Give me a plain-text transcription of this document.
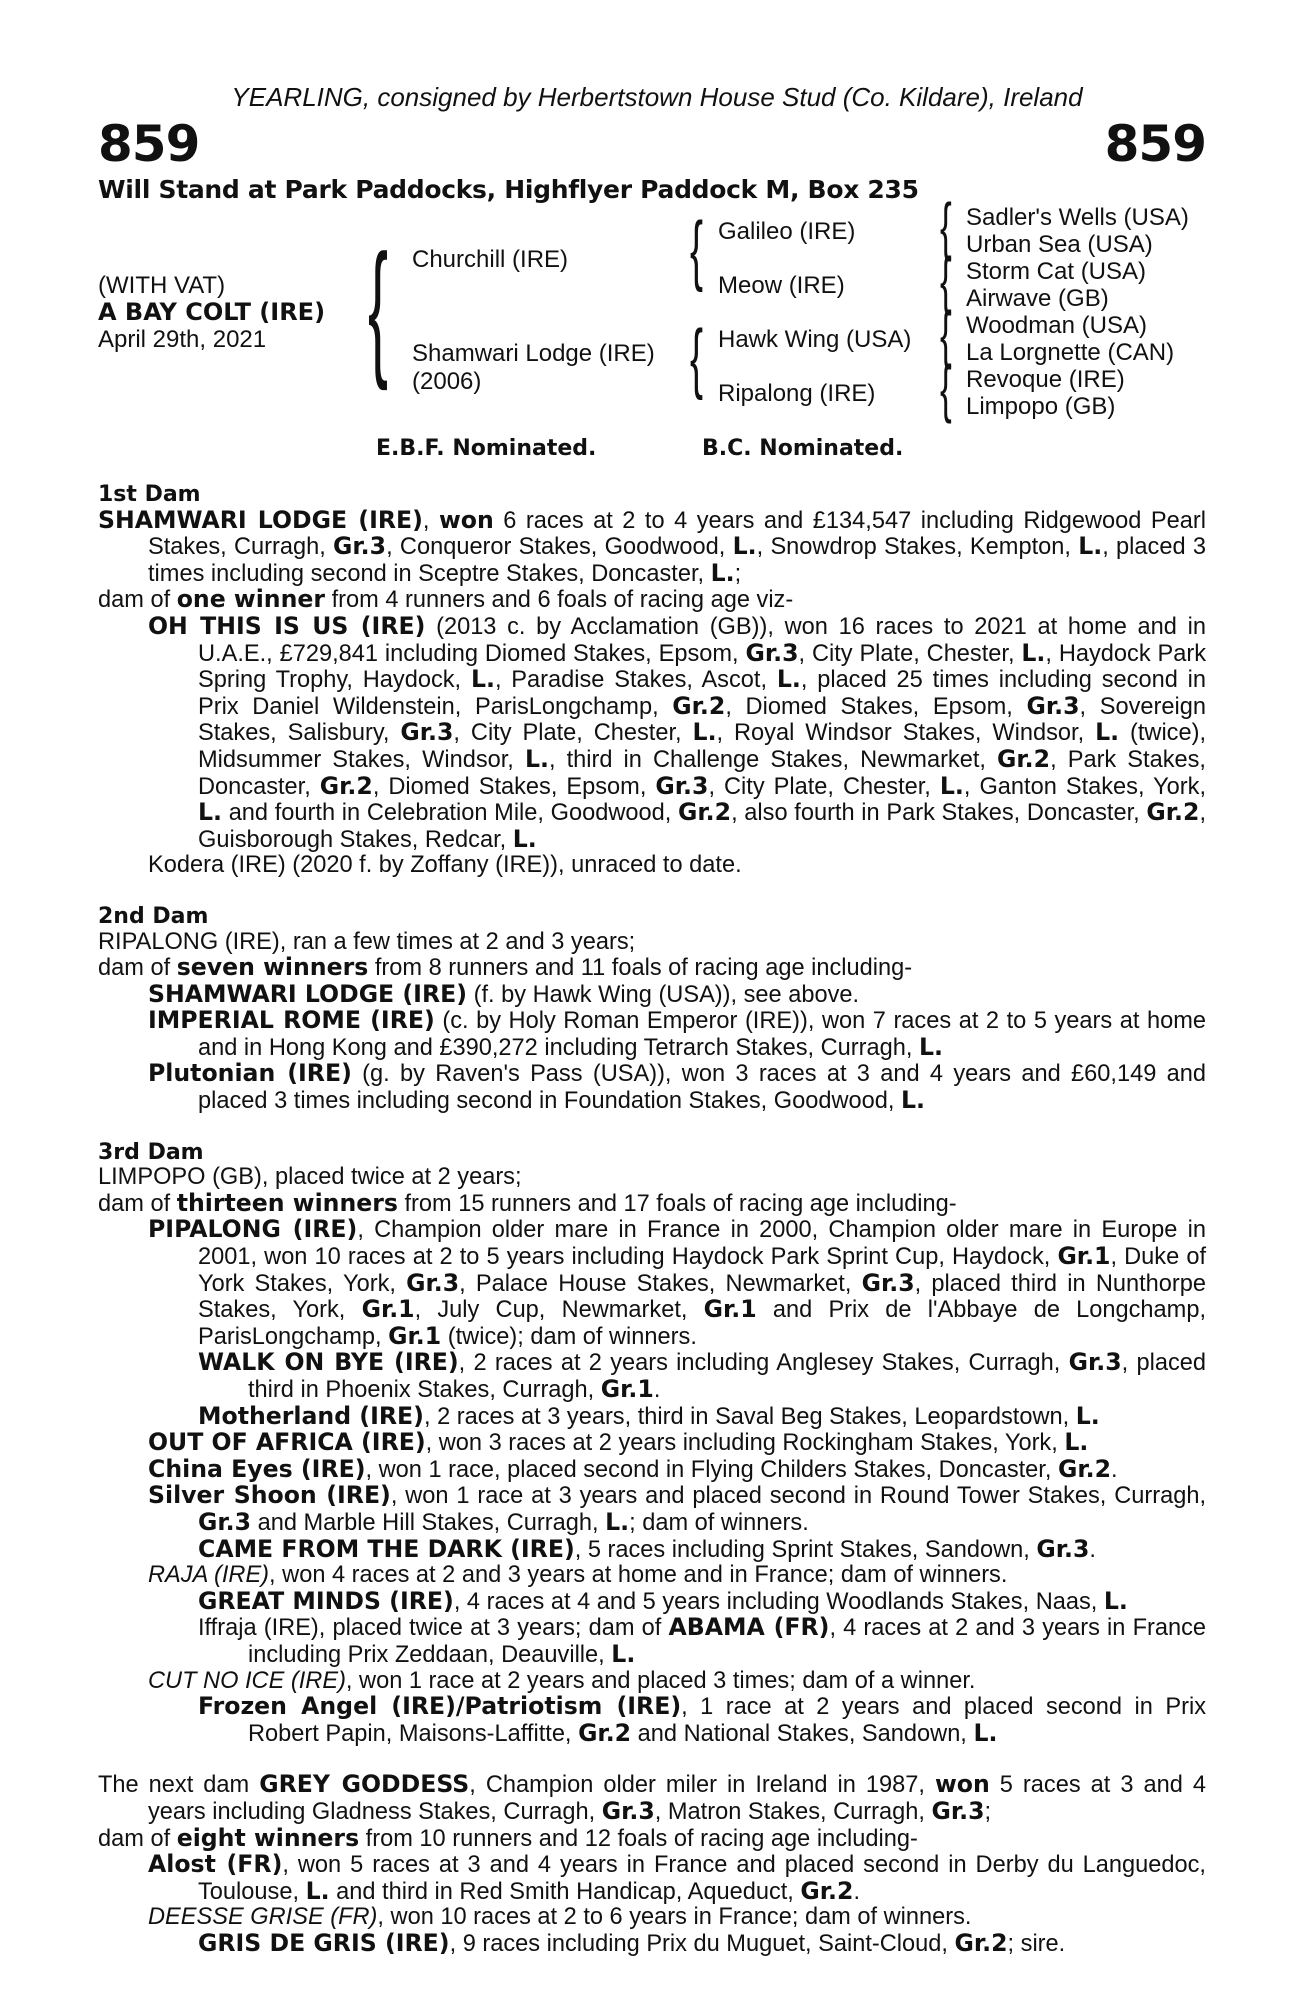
YEARLING, consigned by Herbertstown House Stud (Co. Kildare), Ireland
859	859
Will Stand at Park Paddocks, Highflyer Paddock M, Box 235
(WITH VAT)
A BAY COLT (IRE)
April 29th, 2021 {	{
{
{
{
{
{
Churchill (IRE)
Shamwari Lodge (IRE)
(2006)
Galileo (IRE)
Meow (IRE)
Hawk Wing (USA)
Ripalong (IRE)
Sadler's Wells (USA)
Urban Sea (USA)
Storm Cat (USA)
Airwave (GB)
Woodman (USA)
La Lorgnette (CAN)
Revoque (IRE)
Limpopo (GB)
E.B.F. Nominated.	B.C. Nominated.
1st Dam
SHAMWARI LODGE (IRE), won 6 races at 2 to 4 years and £134,547 including Ridgewood Pearl Stakes, Curragh, Gr.3, Conqueror Stakes, Goodwood, L., Snowdrop Stakes, Kempton, L., placed 3 times including second in Sceptre Stakes, Doncaster, L.;
dam of one winner from 4 runners and 6 foals of racing age viz-
OH THIS IS US (IRE) (2013 c. by Acclamation (GB)), won 16 races to 2021 at home and in U.A.E., £729,841 including Diomed Stakes, Epsom, Gr.3, City Plate, Chester, L., Haydock Park Spring Trophy, Haydock, L., Paradise Stakes, Ascot, L., placed 25 times including second in Prix Daniel Wildenstein, ParisLongchamp, Gr.2, Diomed Stakes, Epsom, Gr.3, Sovereign Stakes, Salisbury, Gr.3, City Plate, Chester, L., Royal Windsor Stakes, Windsor, L. (twice), Midsummer Stakes, Windsor, L., third in Challenge Stakes, Newmarket, Gr.2, Park Stakes, Doncaster, Gr.2, Diomed Stakes, Epsom, Gr.3, City Plate, Chester, L., Ganton Stakes, York, L. and fourth in Celebration Mile, Goodwood, Gr.2, also fourth in Park Stakes, Doncaster, Gr.2, Guisborough Stakes, Redcar, L.
Kodera (IRE) (2020 f. by Zoffany (IRE)), unraced to date.
2nd Dam
RIPALONG (IRE), ran a few times at 2 and 3 years;
dam of seven winners from 8 runners and 11 foals of racing age including-
SHAMWARI LODGE (IRE) (f. by Hawk Wing (USA)), see above.
IMPERIAL ROME (IRE) (c. by Holy Roman Emperor (IRE)), won 7 races at 2 to 5 years at home and in Hong Kong and £390,272 including Tetrarch Stakes, Curragh, L.
Plutonian (IRE) (g. by Raven's Pass (USA)), won 3 races at 3 and 4 years and £60,149 and placed 3 times including second in Foundation Stakes, Goodwood, L.
3rd Dam
LIMPOPO (GB), placed twice at 2 years;
dam of thirteen winners from 15 runners and 17 foals of racing age including-
PIPALONG (IRE), Champion older mare in France in 2000, Champion older mare in Europe in 2001, won 10 races at 2 to 5 years including Haydock Park Sprint Cup, Haydock, Gr.1, Duke of York Stakes, York, Gr.3, Palace House Stakes, Newmarket, Gr.3, placed third in Nunthorpe Stakes, York, Gr.1, July Cup, Newmarket, Gr.1 and Prix de l'Abbaye de Longchamp, ParisLongchamp, Gr.1 (twice); dam of winners.
WALK ON BYE (IRE), 2 races at 2 years including Anglesey Stakes, Curragh, Gr.3, placed third in Phoenix Stakes, Curragh, Gr.1.
Motherland (IRE), 2 races at 3 years, third in Saval Beg Stakes, Leopardstown, L.
OUT OF AFRICA (IRE), won 3 races at 2 years including Rockingham Stakes, York, L.
China Eyes (IRE), won 1 race, placed second in Flying Childers Stakes, Doncaster, Gr.2.
Silver Shoon (IRE), won 1 race at 3 years and placed second in Round Tower Stakes, Curragh, Gr.3 and Marble Hill Stakes, Curragh, L.; dam of winners.
CAME FROM THE DARK (IRE), 5 races including Sprint Stakes, Sandown, Gr.3.
RAJA (IRE), won 4 races at 2 and 3 years at home and in France; dam of winners.
GREAT MINDS (IRE), 4 races at 4 and 5 years including Woodlands Stakes, Naas, L.
Iffraja (IRE), placed twice at 3 years; dam of ABAMA (FR), 4 races at 2 and 3 years in France including Prix Zeddaan, Deauville, L.
CUT NO ICE (IRE), won 1 race at 2 years and placed 3 times; dam of a winner.
Frozen Angel (IRE)/Patriotism (IRE), 1 race at 2 years and placed second in Prix Robert Papin, Maisons-Laffitte, Gr.2 and National Stakes, Sandown, L.
The next dam GREY GODDESS, Champion older miler in Ireland in 1987, won 5 races at 3 and 4 years including Gladness Stakes, Curragh, Gr.3, Matron Stakes, Curragh, Gr.3;
dam of eight winners from 10 runners and 12 foals of racing age including-
Alost (FR), won 5 races at 3 and 4 years in France and placed second in Derby du Languedoc, Toulouse, L. and third in Red Smith Handicap, Aqueduct, Gr.2.
DEESSE GRISE (FR), won 10 races at 2 to 6 years in France; dam of winners.
GRIS DE GRIS (IRE), 9 races including Prix du Muguet, Saint-Cloud, Gr.2; sire.
